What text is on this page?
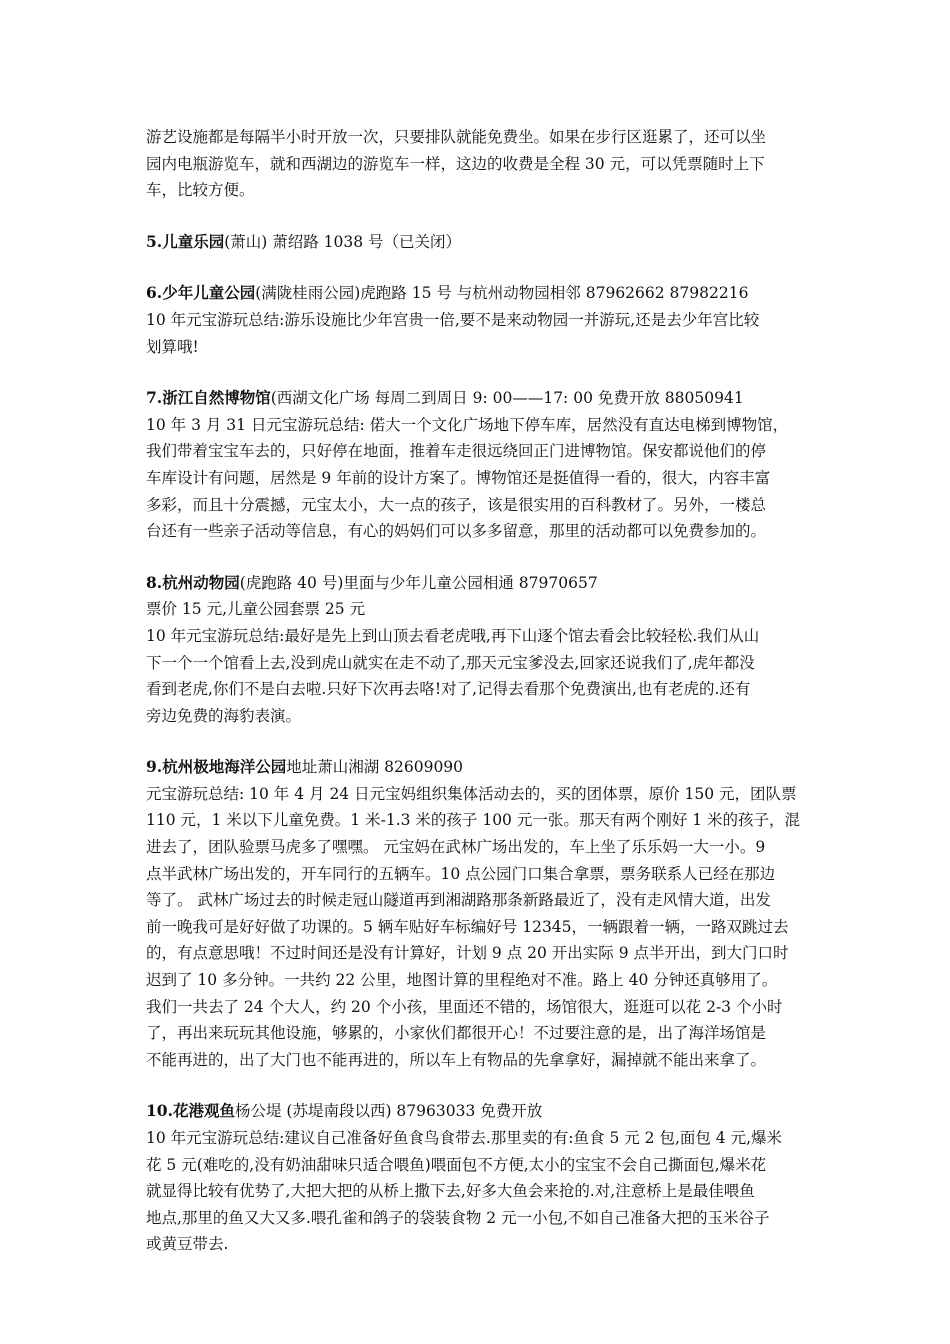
游艺设施都是每隔半小时开放一次，只要排队就能免费坐。如果在步行区逛累了，还可以坐
园内电瓶游览车，就和西湖边的游览车一样，这边的收费是全程 30 元，可以凭票随时上下
车，比较方便。

5.儿童乐园(萧山) 萧绍路 1038 号（已关闭）
6.少年儿童公园(满陇桂雨公园)虎跑路 15 号 与杭州动物园相邻 87962662 87982216
10 年元宝游玩总结:游乐设施比少年宫贵一倍,要不是来动物园一并游玩,还是去少年宫比较
划算哦!
7.浙江自然博物馆(西湖文化广场 每周二到周日 9: 00——17: 00 免费开放 88050941
10 年 3 月 31 日元宝游玩总结: 偌大一个文化广场地下停车库，居然没有直达电梯到博物馆，
我们带着宝宝车去的，只好停在地面，推着车走很远绕回正门进博物馆。保安都说他们的停
车库设计有问题，居然是 9 年前的设计方案了。博物馆还是挺值得一看的，很大，内容丰富
多彩，而且十分震撼，元宝太小，大一点的孩子，该是很实用的百科教材了。另外，一楼总
台还有一些亲子活动等信息，有心的妈妈们可以多多留意，那里的活动都可以免费参加的。
8.杭州动物园(虎跑路 40 号)里面与少年儿童公园相通 87970657
票价 15 元,儿童公园套票 25 元
10 年元宝游玩总结:最好是先上到山顶去看老虎哦,再下山逐个馆去看会比较轻松.我们从山
下一个一个馆看上去,没到虎山就实在走不动了,那天元宝爹没去,回家还说我们了,虎年都没
看到老虎,你们不是白去啦.只好下次再去咯!对了,记得去看那个免费演出,也有老虎的.还有
旁边免费的海豹表演。
9.杭州极地海洋公园地址萧山湘湖 82609090
元宝游玩总结: 10 年 4 月 24 日元宝妈组织集体活动去的，买的团体票，原价 150 元，团队票
110 元，1 米以下儿童免费。1 米-1.3 米的孩子 100 元一张。那天有两个刚好 1 米的孩子，混
进去了，团队验票马虎多了嘿嘿。 元宝妈在武林广场出发的，车上坐了乐乐妈一大一小。9
点半武林广场出发的，开车同行的五辆车。10 点公园门口集合拿票，票务联系人已经在那边
等了。 武林广场过去的时候走冠山隧道再到湘湖路那条新路最近了，没有走风情大道，出发
前一晚我可是好好做了功课的。5 辆车贴好车标编好号 12345，一辆跟着一辆，一路双跳过去
的，有点意思哦！不过时间还是没有计算好，计划 9 点 20 开出实际 9 点半开出，到大门口时
迟到了 10 多分钟。一共约 22 公里，地图计算的里程绝对不准。路上 40 分钟还真够用了。
我们一共去了 24 个大人，约 20 个小孩，里面还不错的，场馆很大，逛逛可以花 2-3 个小时
了，再出来玩玩其他设施，够累的，小家伙们都很开心！不过要注意的是，出了海洋场馆是
不能再进的，出了大门也不能再进的，所以车上有物品的先拿拿好，漏掉就不能出来拿了。
10.花港观鱼杨公堤 (苏堤南段以西) 87963033 免费开放
10 年元宝游玩总结:建议自己准备好鱼食鸟食带去.那里卖的有:鱼食 5 元 2 包,面包 4 元,爆米
花 5 元(难吃的,没有奶油甜味只适合喂鱼)喂面包不方便,太小的宝宝不会自己撕面包,爆米花
就显得比较有优势了,大把大把的从桥上撒下去,好多大鱼会来抢的.对,注意桥上是最佳喂鱼
地点,那里的鱼又大又多.喂孔雀和鸽子的袋装食物 2 元一小包,不如自己准备大把的玉米谷子
或黄豆带去.
